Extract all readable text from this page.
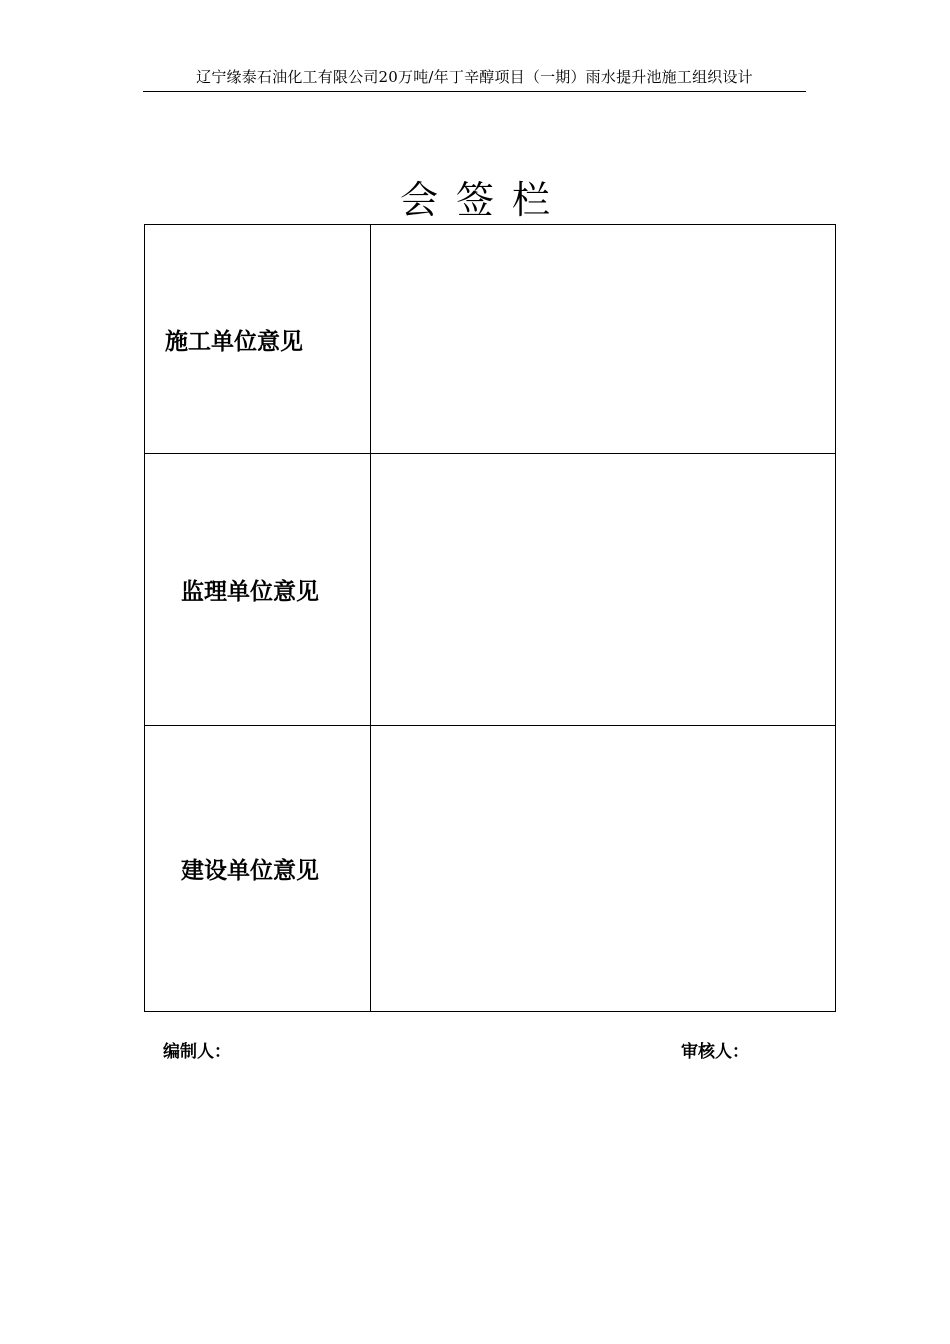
辽宁缘泰石油化工有限公司20万吨/年丁辛醇项目（一期）雨水提升池施工组织设计
会签栏
施工单位意见	

监理单位意见	

建设单位意见	

编制人：	审核人：
